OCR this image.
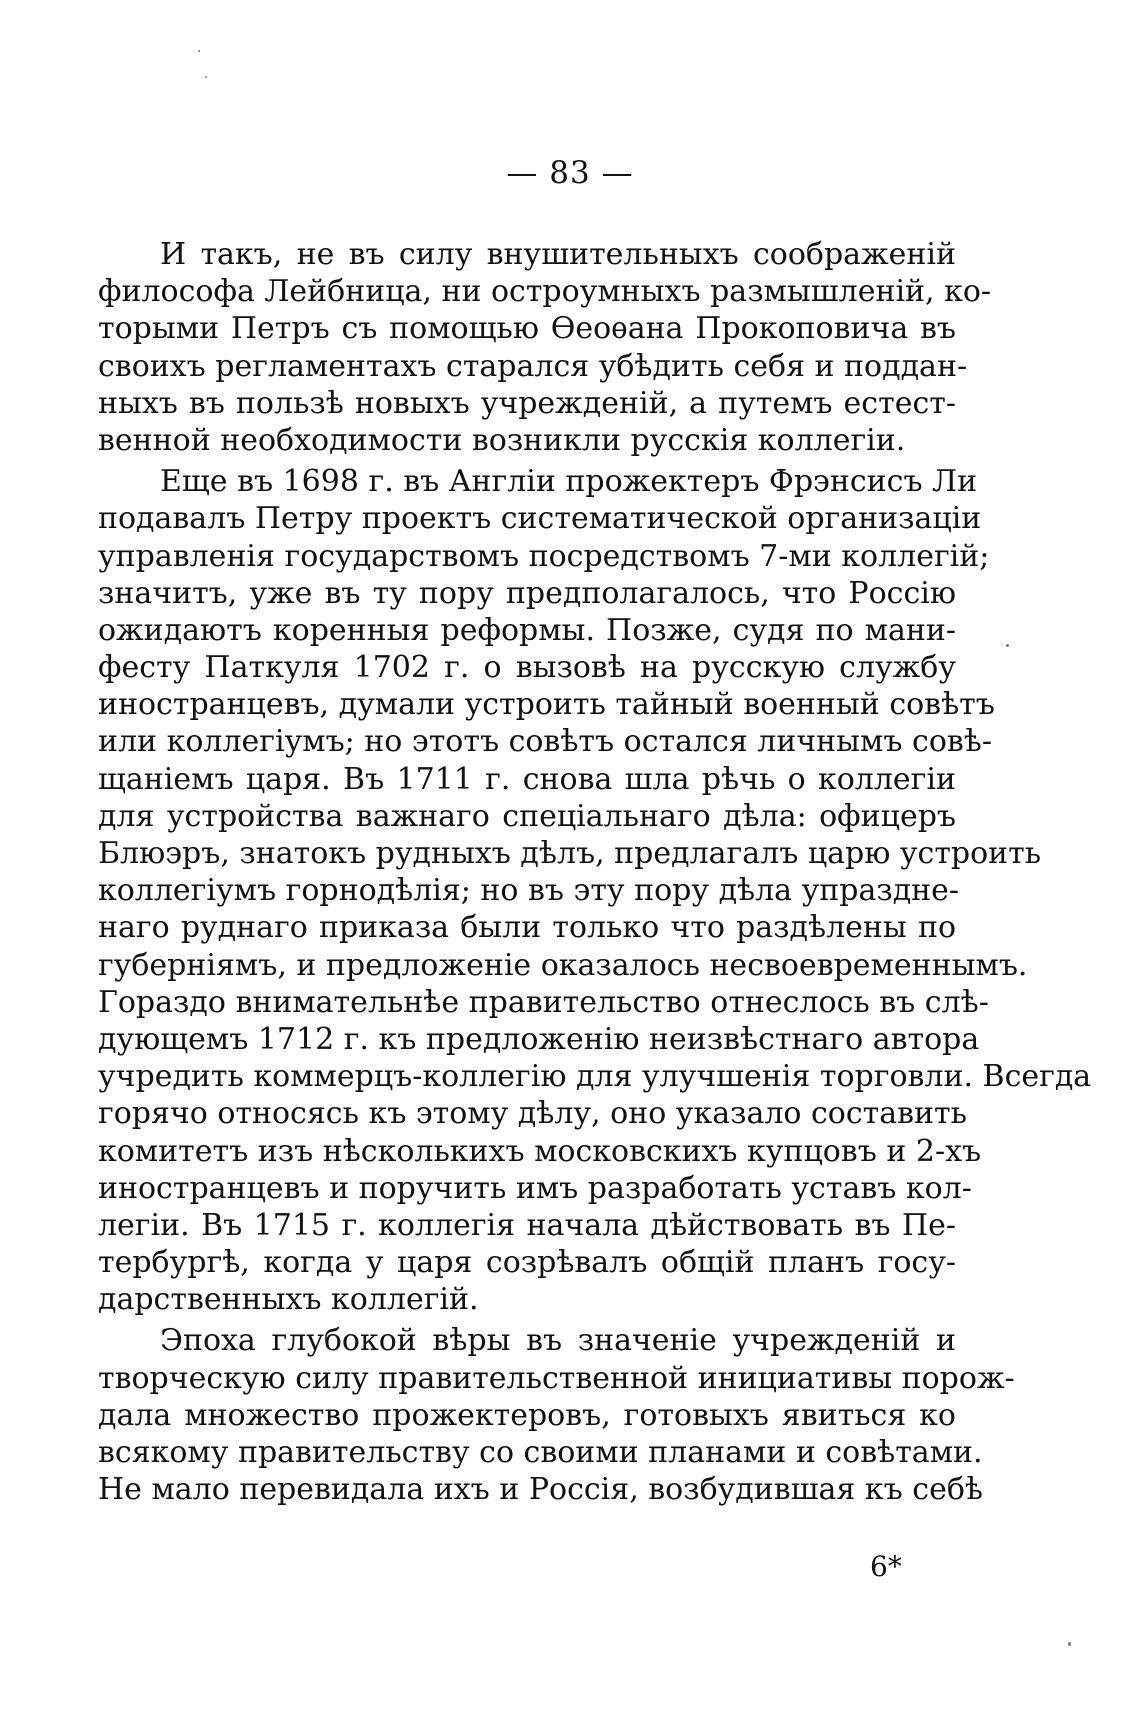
— 83 —
И такъ, не въ силу внушительныхъ соображеній
философа Лейбница, ни остроумныхъ размышленій, ко-
торыми Петръ съ помощью Ѳеоѳана Прокоповича въ
своихъ регламентахъ старался убѣдить себя и поддан-
ныхъ въ пользѣ новыхъ учрежденій, а путемъ естест-
венной необходимости возникли русскія коллегіи.
Еще въ 1698 г. въ Англіи прожектеръ Фрэнсисъ Ли
подавалъ Петру проектъ систематической организаціи
управленія государствомъ посредствомъ 7-ми коллегій;
значитъ, уже въ ту пору предполагалось, что Россію
ожидаютъ коренныя реформы. Позже, судя по мани-
фесту Паткуля 1702 г. о вызовѣ на русскую службу
иностранцевъ, думали устроить тайный военный совѣтъ
или коллегіумъ; но этотъ совѣтъ остался личнымъ совѣ-
щаніемъ царя. Въ 1711 г. снова шла рѣчь о коллегіи
для устройства важнаго спеціальнаго дѣла: офицеръ
Блюэръ, знатокъ рудныхъ дѣлъ, предлагалъ царю устроить
коллегіумъ горнодѣлія; но въ эту пору дѣла упраздне-
наго руднаго приказа были только что раздѣлены по
губерніямъ, и предложеніе оказалось несвоевременнымъ.
Гораздо внимательнѣе правительство отнеслось въ слѣ-
дующемъ 1712 г. къ предложенію неизвѣстнаго автора
учредить коммерцъ-коллегію для улучшенія торговли. Всегда
горячо относясь къ этому дѣлу, оно указало составить
комитетъ изъ нѣсколькихъ московскихъ купцовъ и 2-хъ
иностранцевъ и поручить имъ разработать уставъ кол-
легіи. Въ 1715 г. коллегія начала дѣйствовать въ Пе-
тербургѣ, когда у царя созрѣвалъ общій планъ госу-
дарственныхъ коллегій.
Эпоха глубокой вѣры въ значеніе учрежденій и
творческую силу правительственной инициативы порож-
дала множество прожектеровъ, готовыхъ явиться ко
всякому правительству со своими планами и совѣтами.
Не мало перевидала ихъ и Россія, возбудившая къ себѣ
6*
